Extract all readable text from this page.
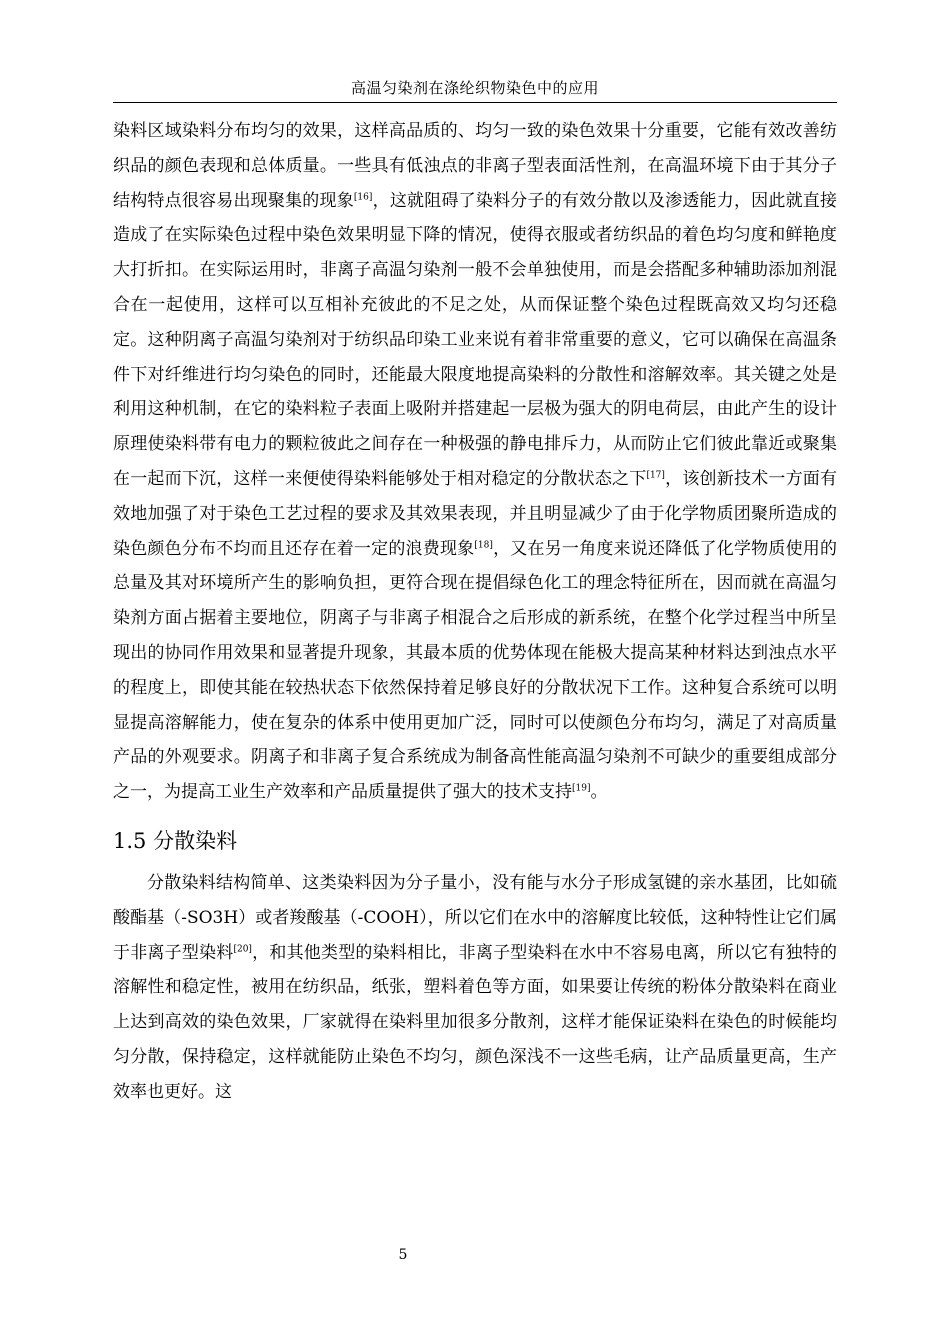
高温匀染剂在涤纶织物染色中的应用

染料区域染料分布均匀的效果，这样高品质的、均匀一致的染色效果十分重要，它能有效改善纺织品的颜色表现和总体质量。一些具有低浊点的非离子型表面活性剂，在高温环境下由于其分子结构特点很容易出现聚集的现象[16]，这就阻碍了染料分子的有效分散以及渗透能力，因此就直接造成了在实际染色过程中染色效果明显下降的情况，使得衣服或者纺织品的着色均匀度和鲜艳度大打折扣。在实际运用时，非离子高温匀染剂一般不会单独使用，而是会搭配多种辅助添加剂混合在一起使用，这样可以互相补充彼此的不足之处，从而保证整个染色过程既高效又均匀还稳定。这种阴离子高温匀染剂对于纺织品印染工业来说有着非常重要的意义，它可以确保在高温条件下对纤维进行均匀染色的同时，还能最大限度地提高染料的分散性和溶解效率。其关键之处是利用这种机制，在它的染料粒子表面上吸附并搭建起一层极为强大的阴电荷层，由此产生的设计原理使染料带有电力的颗粒彼此之间存在一种极强的静电排斥力，从而防止它们彼此靠近或聚集在一起而下沉，这样一来便使得染料能够处于相对稳定的分散状态之下[17]，该创新技术一方面有效地加强了对于染色工艺过程的要求及其效果表现，并且明显减少了由于化学物质团聚所造成的染色颜色分布不均而且还存在着一定的浪费现象[18]，又在另一角度来说还降低了化学物质使用的总量及其对环境所产生的影响负担，更符合现在提倡绿色化工的理念特征所在，因而就在高温匀染剂方面占据着主要地位，阴离子与非离子相混合之后形成的新系统，在整个化学过程当中所呈现出的协同作用效果和显著提升现象，其最本质的优势体现在能极大提高某种材料达到浊点水平的程度上，即使其能在较热状态下依然保持着足够良好的分散状况下工作。这种复合系统可以明显提高溶解能力，使在复杂的体系中使用更加广泛，同时可以使颜色分布均匀，满足了对高质量产品的外观要求。阴离子和非离子复合系统成为制备高性能高温匀染剂不可缺少的重要组成部分之一，为提高工业生产效率和产品质量提供了强大的技术支持[19]。

1.5 分散染料

分散染料结构简单、这类染料因为分子量小，没有能与水分子形成氢键的亲水基团，比如硫酸酯基（-SO3H）或者羧酸基（-COOH），所以它们在水中的溶解度比较低，这种特性让它们属于非离子型染料[20]，和其他类型的染料相比，非离子型染料在水中不容易电离，所以它有独特的溶解性和稳定性，被用在纺织品，纸张，塑料着色等方面，如果要让传统的粉体分散染料在商业上达到高效的染色效果，厂家就得在染料里加很多分散剂，这样才能保证染料在染色的时候能均匀分散，保持稳定，这样就能防止染色不均匀，颜色深浅不一这些毛病，让产品质量更高，生产效率也更好。这

5
